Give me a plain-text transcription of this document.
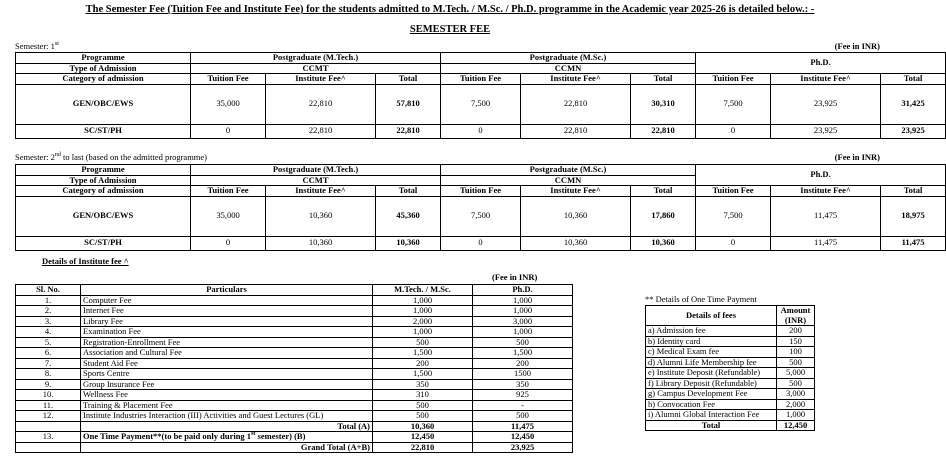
The Semester Fee (Tuition Fee and Institute Fee) for the students admitted to M.Tech. / M.Sc. / Ph.D. programme in the Academic year 2025-26 is detailed below.: -
SEMESTER FEE
Semester: 1st	(Fee in INR)
Programme	Postgraduate (M.Tech.)			Postgraduate (M.Sc.)			Ph.D.		
Type of Admission	CCMT			CCMN					
Category of admission	Tuition Fee	Institute Fee^	Total	Tuition Fee	Institute Fee^	Total	Tuition Fee	Institute Fee^	Total
GEN/OBC/EWS	35,000	22,810	57,810	7,500	22,810	30,310	7,500	23,925	31,425
SC/ST/PH	0	22,810	22,810	0	22,810	22,810	0	23,925	23,925
Semester: 2nd to last (based on the admitted programme)	(Fee in INR)
Programme	Postgraduate (M.Tech.)			Postgraduate (M.Sc.)			Ph.D.		
Type of Admission	CCMT			CCMN					
Category of admission	Tuition Fee	Institute Fee^	Total	Tuition Fee	Institute Fee^	Total	Tuition Fee	Institute Fee^	Total
GEN/OBC/EWS	35,000	10,360	45,360	7,500	10,360	17,860	7,500	11,475	18,975
SC/ST/PH	0	10,360	10,360	0	10,360	10,360	0	11,475	11,475
Details of Institute fee ^
(Fee in INR)
Sl. No.	Particulars	M.Tech. / M.Sc.	Ph.D.
1.	Computer Fee	1,000	1,000
2.	Internet Fee	1,000	1,000
3.	Library Fee	2,000	3,000
4.	Examination Fee	1,000	1,000
5.	Registration-Enrollment Fee	500	500
6.	Association and Cultural Fee	1,500	1,500
7.	Student Aid Fee	200	200
8.	Sports Centre	1,500	1500
9.	Group Insurance Fee	350	350
10.	Wellness Fee	310	925
11.	Training & Placement Fee	500	-
12.	Institute Industries Interaction (III) Activities and Guest Lectures (GL)	500	500
	Total (A)	10,360	11,475
13.	One Time Payment**(to be paid only during 1st semester) (B)	12,450	12,450
	Grand Total (A+B)	22,810	23,925
** Details of One Time Payment
Details of fees	Amount
(INR)
a) Admission fee	200
b) Identity card	150
c) Medical Exam fee	100
d) Alumni Life Membership fee	500
e) Institute Deposit (Refundable)	5,000
f) Library Deposit (Refundable)	500
g) Campus Development Fee	3,000
h) Convocation Fee	2,000
i) Alumni Global Interaction Fee	1,000
Total	12,450
